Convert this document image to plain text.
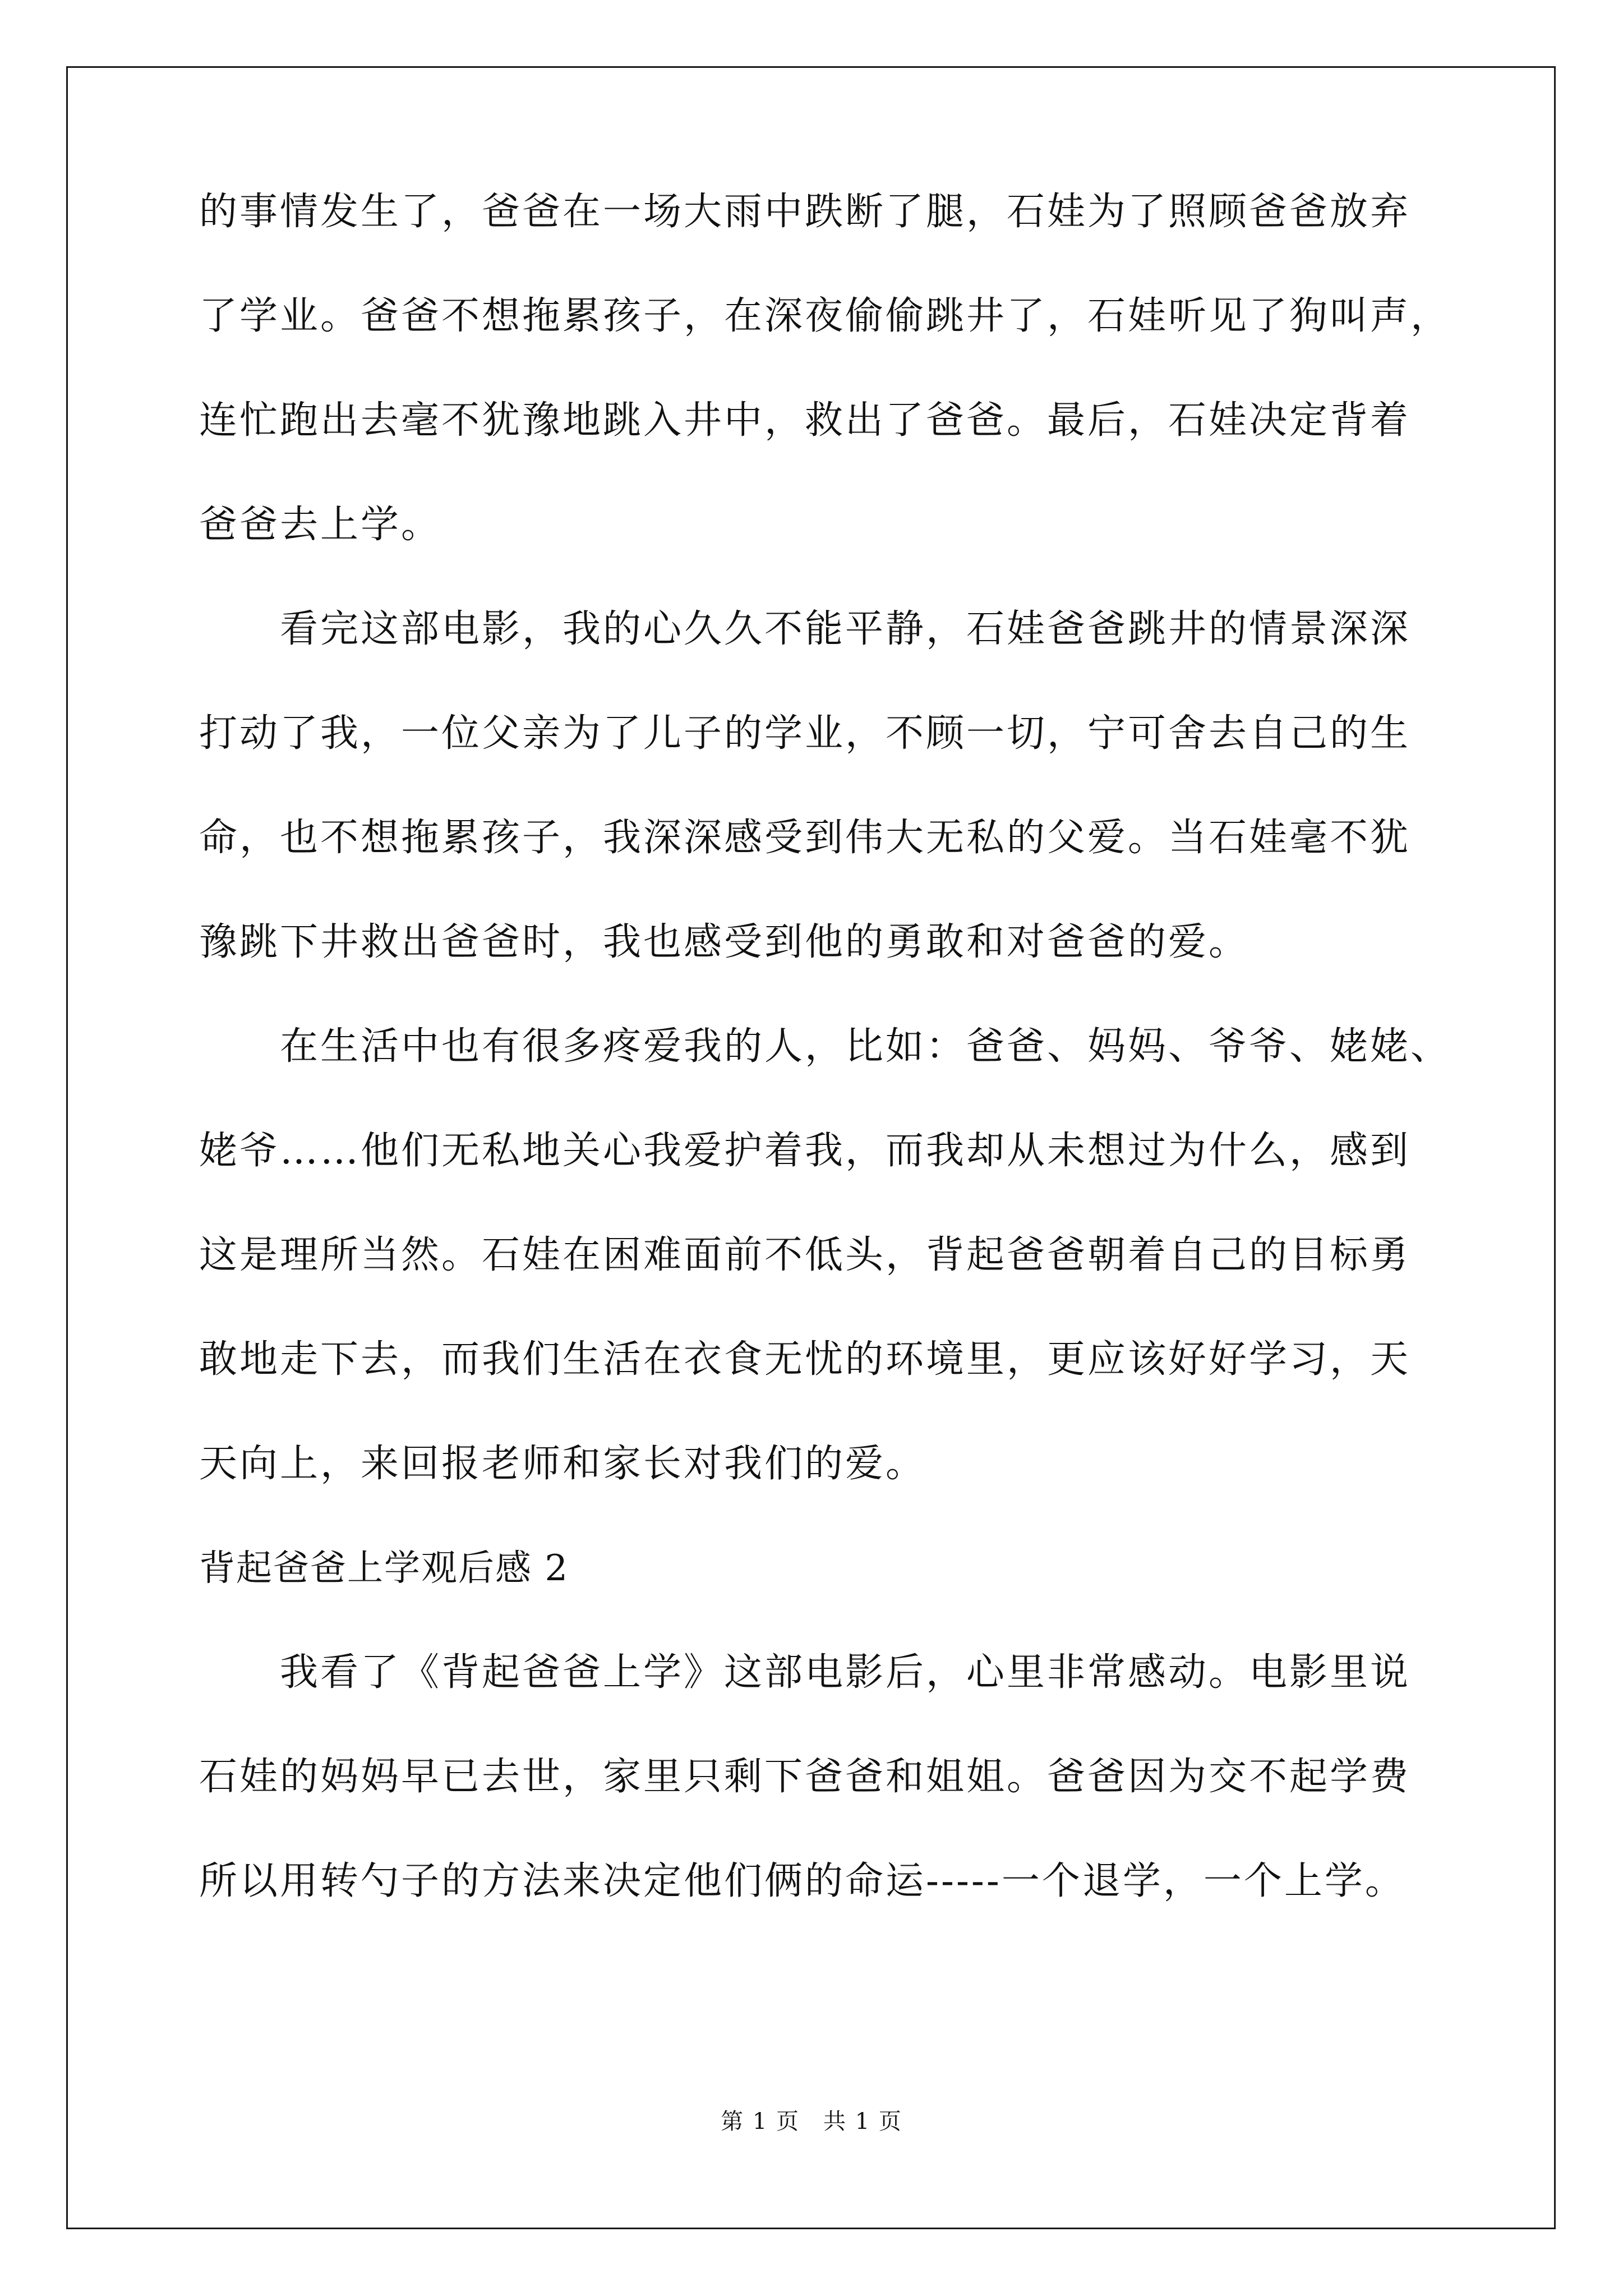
的事情发生了，爸爸在一场大雨中跌断了腿，石娃为了照顾爸爸放弃
了学业。爸爸不想拖累孩子，在深夜偷偷跳井了，石娃听见了狗叫声，
连忙跑出去毫不犹豫地跳入井中，救出了爸爸。最后，石娃决定背着
爸爸去上学。
　　看完这部电影，我的心久久不能平静，石娃爸爸跳井的情景深深
打动了我，一位父亲为了儿子的学业，不顾一切，宁可舍去自己的生
命，也不想拖累孩子，我深深感受到伟大无私的父爱。当石娃毫不犹
豫跳下井救出爸爸时，我也感受到他的勇敢和对爸爸的爱。
　　在生活中也有很多疼爱我的人，比如：爸爸、妈妈、爷爷、姥姥、
姥爷……他们无私地关心我爱护着我，而我却从未想过为什么，感到
这是理所当然。石娃在困难面前不低头，背起爸爸朝着自己的目标勇
敢地走下去，而我们生活在衣食无忧的环境里，更应该好好学习，天
天向上，来回报老师和家长对我们的爱。
背起爸爸上学观后感 2
　　我看了《背起爸爸上学》这部电影后，心里非常感动。电影里说
石娃的妈妈早已去世，家里只剩下爸爸和姐姐。爸爸因为交不起学费
所以用转勺子的方法来决定他们俩的命运-----一个退学，一个上学。
第 1 页　共 1 页
